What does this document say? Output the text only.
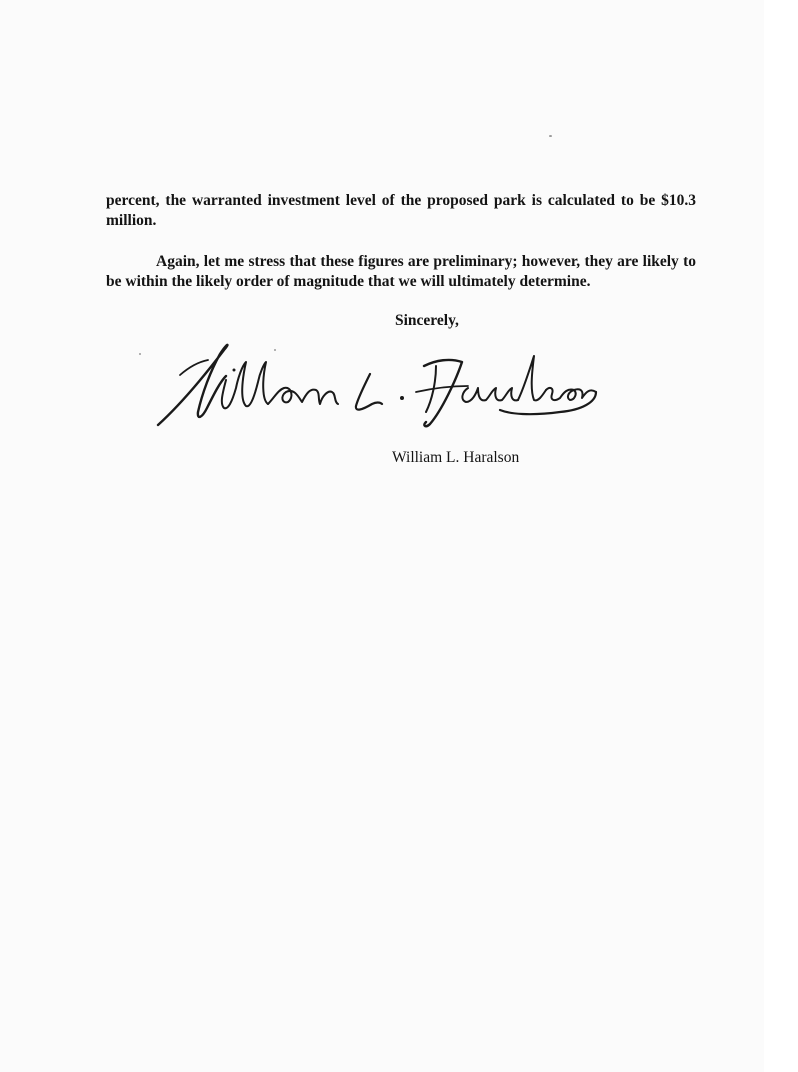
percent, the warranted investment level of the proposed park is calculated to be $10.3 million.

Again, let me stress that these figures are preliminary; however, they are likely to be within the likely order of magnitude that we will ultimately determine.

Sincerely,

William L. Haralson
